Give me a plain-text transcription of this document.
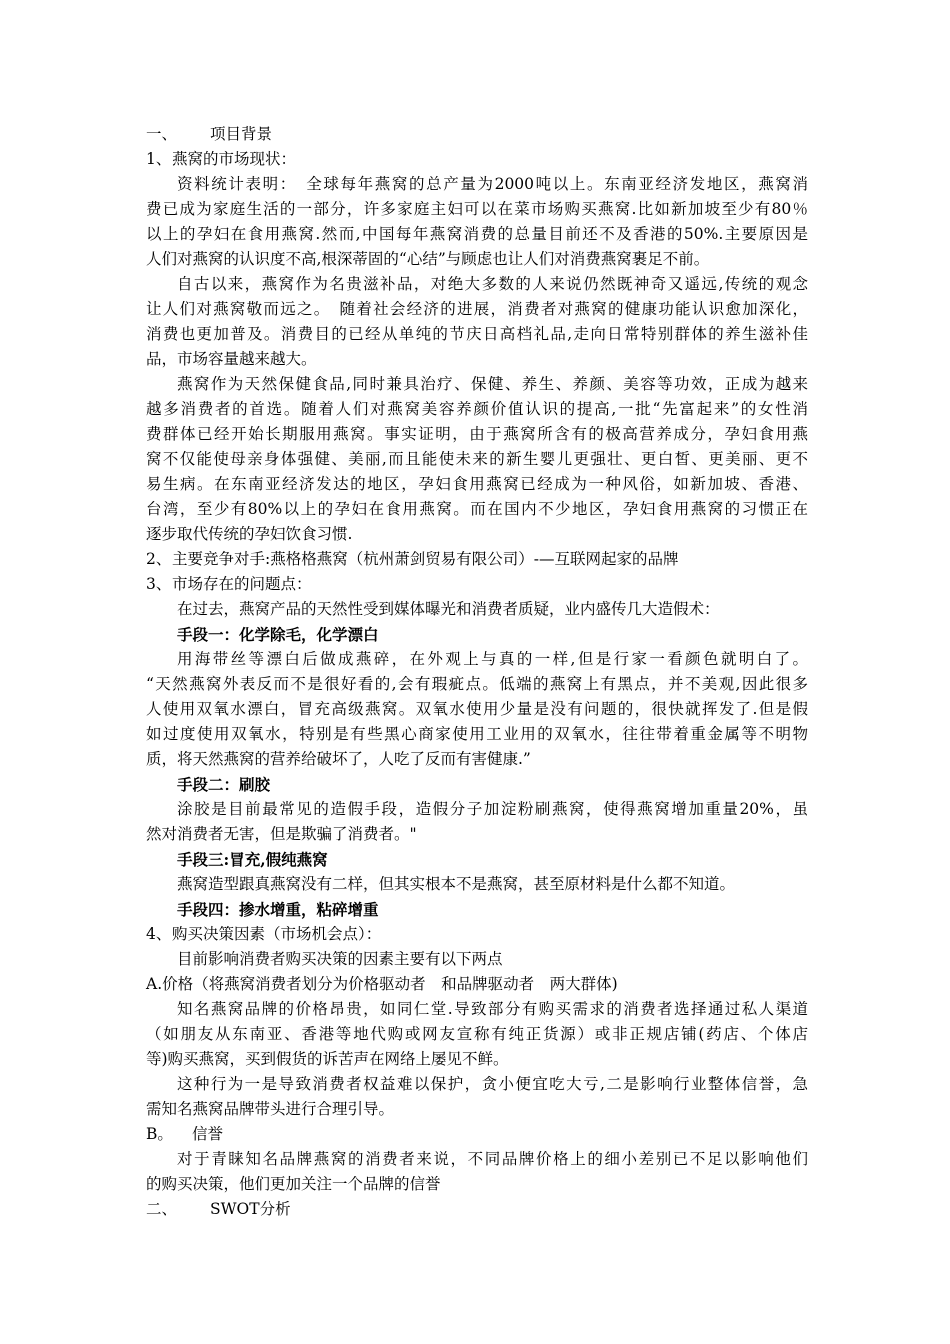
一、	项目背景

1、 燕窝的市场现状：

资料统计表明：　全球每年燕窝的总产量为2000吨以上。东南亚经济发地区，燕窝消

费已成为家庭生活的一部分，许多家庭主妇可以在菜市场购买燕窝.比如新加坡至少有80％

以上的孕妇在食用燕窝.然而,中国每年燕窝消费的总量目前还不及香港的50%.主要原因是

人们对燕窝的认识度不高,根深蒂固的“心结”与顾虑也让人们对消费燕窝裹足不前。

自古以来，燕窝作为名贵滋补品，对绝大多数的人来说仍然既神奇又遥远,传统的观念

让人们对燕窝敬而远之。　随着社会经济的进展，消费者对燕窝的健康功能认识愈加深化，

消费也更加普及。消费目的已经从单纯的节庆日高档礼品,走向日常特别群体的养生滋补佳

品，市场容量越来越大。

燕窝作为天然保健食品,同时兼具治疗、保健、养生、养颜、美容等功效，正成为越来

越多消费者的首选。随着人们对燕窝美容养颜价值认识的提高,一批“先富起来”的女性消

费群体已经开始长期服用燕窝。事实证明，由于燕窝所含有的极高营养成分，孕妇食用燕

窝不仅能使母亲身体强健、美丽,而且能使未来的新生婴儿更强壮、更白皙、更美丽、更不

易生病。在东南亚经济发达的地区，孕妇食用燕窝已经成为一种风俗，如新加坡、香港、

台湾，至少有80%以上的孕妇在食用燕窝。而在国内不少地区，孕妇食用燕窝的习惯正在

逐步取代传统的孕妇饮食习惯.

2、 主要竞争对手:燕格格燕窝（杭州萧剑贸易有限公司）-—互联网起家的品牌

3、 市场存在的问题点：

在过去，燕窝产品的天然性受到媒体曝光和消费者质疑，业内盛传几大造假术：

手段一：化学除毛，化学漂白

用海带丝等漂白后做成燕碎，在外观上与真的一样,但是行家一看颜色就明白了。

“天然燕窝外表反而不是很好看的,会有瑕疵点。低端的燕窝上有黑点，并不美观,因此很多

人使用双氧水漂白，冒充高级燕窝。双氧水使用少量是没有问题的，很快就挥发了.但是假

如过度使用双氧水，特别是有些黑心商家使用工业用的双氧水，往往带着重金属等不明物

质，将天然燕窝的营养给破坏了，人吃了反而有害健康.”

手段二：刷胶

涂胶是目前最常见的造假手段，造假分子加淀粉刷燕窝，使得燕窝增加重量20%，虽

然对消费者无害，但是欺骗了消费者。"

手段三:冒充,假纯燕窝

燕窝造型跟真燕窝没有二样，但其实根本不是燕窝，甚至原材料是什么都不知道。

手段四：掺水增重，粘碎增重

4、 购买决策因素（市场机会点）：

目前影响消费者购买决策的因素主要有以下两点

A.价格（将燕窝消费者划分为价格驱动者　和品牌驱动者　两大群体)

知名燕窝品牌的价格昂贵，如同仁堂.导致部分有购买需求的消费者选择通过私人渠道

（如朋友从东南亚、香港等地代购或网友宣称有纯正货源）或非正规店铺(药店、个体店

等)购买燕窝，买到假货的诉苦声在网络上屡见不鲜。

这种行为一是导致消费者权益难以保护，贪小便宜吃大亏,二是影响行业整体信誉，急

需知名燕窝品牌带头进行合理引导。

B。	信誉

对于青睐知名品牌燕窝的消费者来说，不同品牌价格上的细小差别已不足以影响他们

的购买决策，他们更加关注一个品牌的信誉

二、	SWOT分析
